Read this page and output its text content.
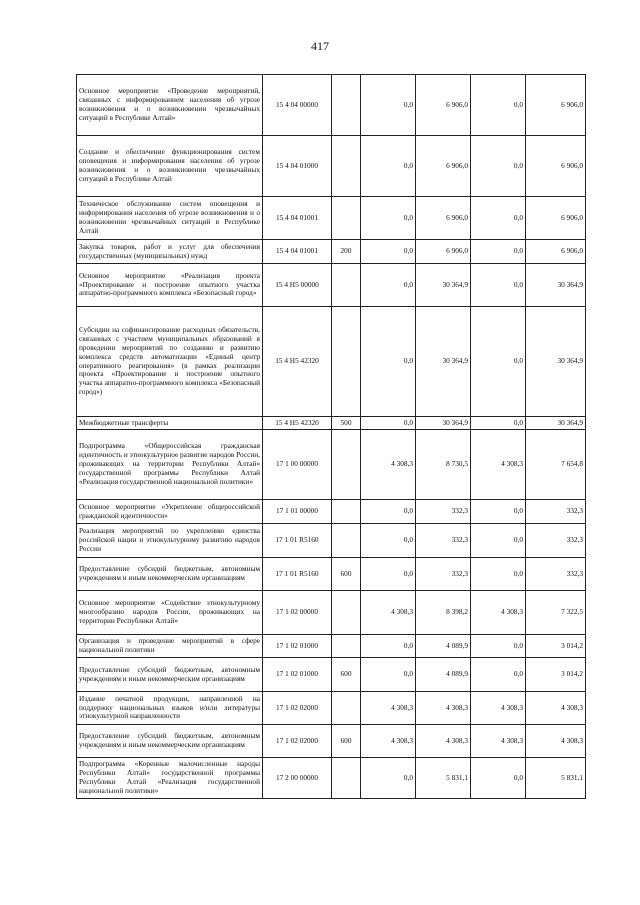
417
Основное мероприятие «Проведение мероприятий, связанных с информированием населения об угрозе возникновения и о возникновении чрезвычайных ситуаций в Республике Алтай»	15 4 04 00000		0,0	6 906,0	0,0	6 906,0
Создание и обеспечение функционирования систем оповещения и информирования населения об угрозе возникновения и о возникновении чрезвычайных ситуаций в Республике Алтай	15 4 04 01000		0,0	6 906,0	0,0	6 906,0
Техническое обслуживание систем оповещения и информирования населения об угрозе возникновения и о возникновении чрезвычайных ситуаций в Республике Алтай	15 4 04 01001		0,0	6 906,0	0,0	6 906,0
Закупка товаров, работ и услуг для обеспечения государственных (муниципальных) нужд	15 4 04 01001	200	0,0	6 906,0	0,0	6 906,0
Основное мероприятие «Реализация проекта «Проектирование и построение опытного участка аппаратно-программного комплекса «Безопасный город»	15 4 Н5 00000		0,0	30 364,9	0,0	30 364,9
Субсидии на софинансирование расходных обязательств, связанных с участием муниципальных образований в проведении мероприятий по созданию и развитию комплекса средств автоматизации «Единый центр оперативного реагирования» (в рамках реализации проекта «Проектирование и построение опытного участка аппаратно-программного комплекса «Безопасный город»)	15 4 Н5 42320		0,0	30 364,9	0,0	30 364,9
Межбюджетные трансферты	15 4 Н5 42320	500	0,0	30 364,9	0,0	30 364,9
Подпрограмма «Общероссийская гражданская идентичность и этнокультурное развитие народов России, проживающих на территории Республики Алтай» государственной программы Республики Алтай «Реализация государственной национальной политики»	17 1 00 00000		4 308,3	8 730,5	4 308,3	7 654,8
Основное мероприятие «Укрепление общероссийской гражданской идентичности»	17 1 01 00000		0,0	332,3	0,0	332,3
Реализация мероприятий по укреплению единства российской нации и этнокультурному развитию народов России	17 1 01 R5160		0,0	332,3	0,0	332,3
Предоставление субсидий бюджетным, автономным учреждениям и иным некоммерческим организациям	17 1 01 R5160	600	0,0	332,3	0,0	332,3
Основное мероприятие «Содействие этнокультурному многообразию народов России, проживающих на территории Республики Алтай»	17 1 02 00000		4 308,3	8 398,2	4 308,3	7 322,5
Организация и проведение мероприятий в сфере национальной политики	17 1 02 01000		0,0	4 089,9	0,0	3 014,2
Предоставление субсидий бюджетным, автономным учреждениям и иным некоммерческим организациям	17 1 02 01000	600	0,0	4 089,9	0,0	3 014,2
Издание печатной продукции, направленной на поддержку национальных языков и/или литературы этнокультурной направленности	17 1 02 02000		4 308,3	4 308,3	4 308,3	4 308,3
Предоставление субсидий бюджетным, автономным учреждениям и иным некоммерческим организациям	17 1 02 02000	600	4 308,3	4 308,3	4 308,3	4 308,3
Подпрограмма «Коренные малочисленные народы Республики Алтай» государственной программы Республики Алтай «Реализация государственной национальной политики»	17 2 00 00000		0,0	5 831,1	0,0	5 831,1
